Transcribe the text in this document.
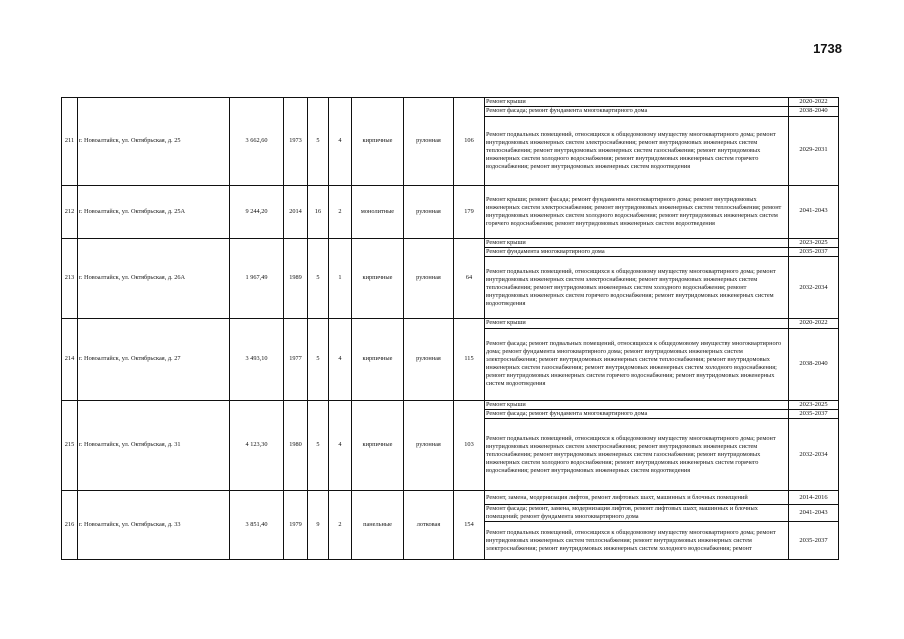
1738
211	г. Новоалтайск, ул. Октябрьская, д. 25	3 662,60	1973	5	4	кирпичные	рулонная	106	Ремонт крыши	2020-2022
									Ремонт фасада; ремонт фундамента многоквартирного дома	2038-2040
									Ремонт подвальных помещений, относящихся к общедомовому имуществу многоквартирного дома; ремонт внутридомовых инженерных систем электроснабжения; ремонт внутридомовых инженерных систем теплоснабжения; ремонт внутридомовых инженерных систем газоснабжения; ремонт внутридомовых инженерных систем холодного водоснабжения; ремонт внутридомовых инженерных систем горячего водоснабжения; ремонт внутридомовых инженерных систем водоотведения	2029-2031
212	г. Новоалтайск, ул. Октябрьская, д. 25А	9 244,20	2014	16	2	монолитные	рулонная	179	Ремонт крыши; ремонт фасада; ремонт фундамента многоквартирного дома; ремонт внутридомовых инженерных систем электроснабжения; ремонт внутридомовых инженерных систем теплоснабжения; ремонт внутридомовых инженерных систем холодного водоснабжения; ремонт внутридомовых инженерных систем горячего водоснабжения; ремонт внутридомовых инженерных систем водоотведения	2041-2043
213	г. Новоалтайск, ул. Октябрьская, д. 26А	1 967,49	1989	5	1	кирпичные	рулонная	64	Ремонт крыши	2023-2025
									Ремонт фундамента многоквартирного дома	2035-2037
									Ремонт подвальных помещений, относящихся к общедомовому имуществу многоквартирного дома; ремонт внутридомовых инженерных систем электроснабжения; ремонт внутридомовых инженерных систем теплоснабжения; ремонт внутридомовых инженерных систем холодного водоснабжения; ремонт внутридомовых инженерных систем горячего водоснабжения; ремонт внутридомовых инженерных систем водоотведения	2032-2034
214	г. Новоалтайск, ул. Октябрьская, д. 27	3 493,10	1977	5	4	кирпичные	рулонная	115	Ремонт крыши	2020-2022
									Ремонт фасада; ремонт подвальных помещений, относящихся к общедомовому имуществу многоквартирного дома; ремонт фундамента многоквартирного дома; ремонт внутридомовых инженерных систем электроснабжения; ремонт внутридомовых инженерных систем теплоснабжения; ремонт внутридомовых инженерных систем газоснабжения; ремонт внутридомовых инженерных систем холодного водоснабжения; ремонт внутридомовых инженерных систем горячего водоснабжения; ремонт внутридомовых инженерных систем водоотведения	2038-2040
215	г. Новоалтайск, ул. Октябрьская, д. 31	4 123,30	1980	5	4	кирпичные	рулонная	103	Ремонт крыши	2023-2025
									Ремонт фасада; ремонт фундамента многоквартирного дома	2035-2037
									Ремонт подвальных помещений, относящихся к общедомовому имуществу многоквартирного дома; ремонт внутридомовых инженерных систем электроснабжения; ремонт внутридомовых инженерных систем теплоснабжения; ремонт внутридомовых инженерных систем газоснабжения; ремонт внутридомовых инженерных систем холодного водоснабжения; ремонт внутридомовых инженерных систем горячего водоснабжения; ремонт внутридомовых инженерных систем водоотведения	2032-2034
216	г. Новоалтайск, ул. Октябрьская, д. 33	3 851,40	1979	9	2	панельные	лотковая	154	Ремонт, замена, модернизация лифтов, ремонт лифтовых шахт, машинных и блочных помещений	2014-2016
									Ремонт фасада; ремонт, замена, модернизация лифтов, ремонт лифтовых шахт, машинных и блочных помещений; ремонт фундамента многоквартирного дома	2041-2043
									Ремонт подвальных помещений, относящихся к общедомовому имуществу многоквартирного дома; ремонт внутридомовых инженерных систем теплоснабжения; ремонт внутридомовых инженерных систем электроснабжения; ремонт внутридомовых инженерных систем холодного водоснабжения; ремонт	2035-2037
